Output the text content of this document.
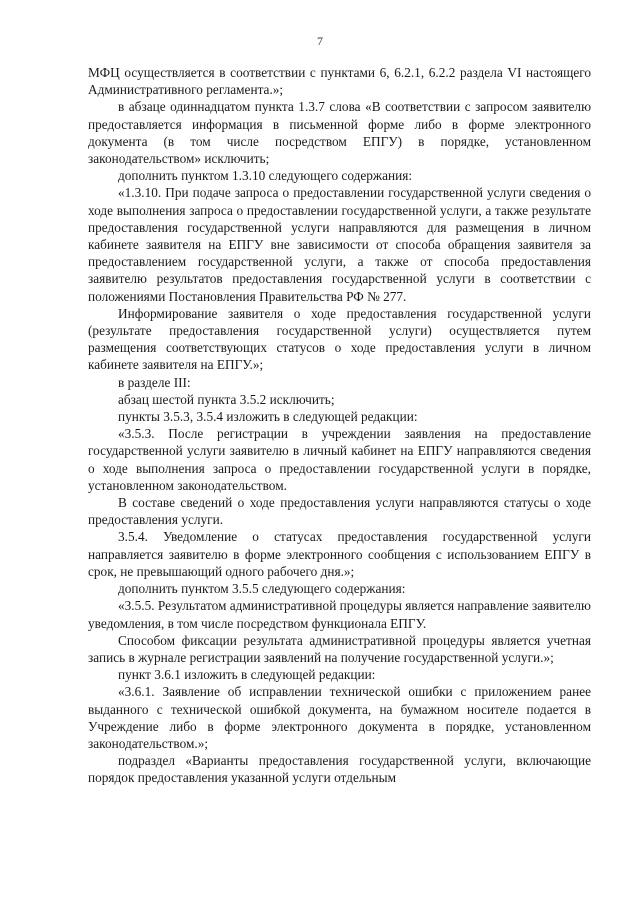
7

МФЦ осуществляется в соответствии с пунктами 6, 6.2.1, 6.2.2 раздела VI настоящего Административного регламента.»;

в абзаце одиннадцатом пункта 1.3.7 слова «В соответствии с запросом заявителю предоставляется информация в письменной форме либо в форме электронного документа (в том числе посредством ЕПГУ) в порядке, установленном законодательством» исключить;

дополнить пунктом 1.3.10 следующего содержания:

«1.3.10. При подаче запроса о предоставлении государственной услуги сведения о ходе выполнения запроса о предоставлении государственной услуги, а также результате предоставления государственной услуги направляются для размещения в личном кабинете заявителя на ЕПГУ вне зависимости от способа обращения заявителя за предоставлением государственной услуги, а также от способа предоставления заявителю результатов предоставления государственной услуги в соответствии с положениями Постановления Правительства РФ № 277.

Информирование заявителя о ходе предоставления государственной услуги (результате предоставления государственной услуги) осуществляется путем размещения соответствующих статусов о ходе предоставления услуги в личном кабинете заявителя на ЕПГУ.»;

в разделе III:

абзац шестой пункта 3.5.2 исключить;

пункты 3.5.3, 3.5.4 изложить в следующей редакции:

«3.5.3. После регистрации в учреждении заявления на предоставление государственной услуги заявителю в личный кабинет на ЕПГУ направляются сведения о ходе выполнения запроса о предоставлении государственной услуги в порядке, установленном законодательством.

В составе сведений о ходе предоставления услуги направляются статусы о ходе предоставления услуги.

3.5.4. Уведомление о статусах предоставления государственной услуги направляется заявителю в форме электронного сообщения с использованием ЕПГУ в срок, не превышающий одного рабочего дня.»;

дополнить пунктом 3.5.5 следующего содержания:

«3.5.5. Результатом административной процедуры является направление заявителю уведомления, в том числе посредством функционала ЕПГУ.

Способом фиксации результата административной процедуры является учетная запись в журнале регистрации заявлений на получение государственной услуги.»;

пункт 3.6.1 изложить в следующей редакции:

«3.6.1. Заявление об исправлении технической ошибки с приложением ранее выданного с технической ошибкой документа, на бумажном носителе подается в Учреждение либо в форме электронного документа в порядке, установленном законодательством.»;

подраздел «Варианты предоставления государственной услуги, включающие порядок предоставления указанной услуги отдельным
